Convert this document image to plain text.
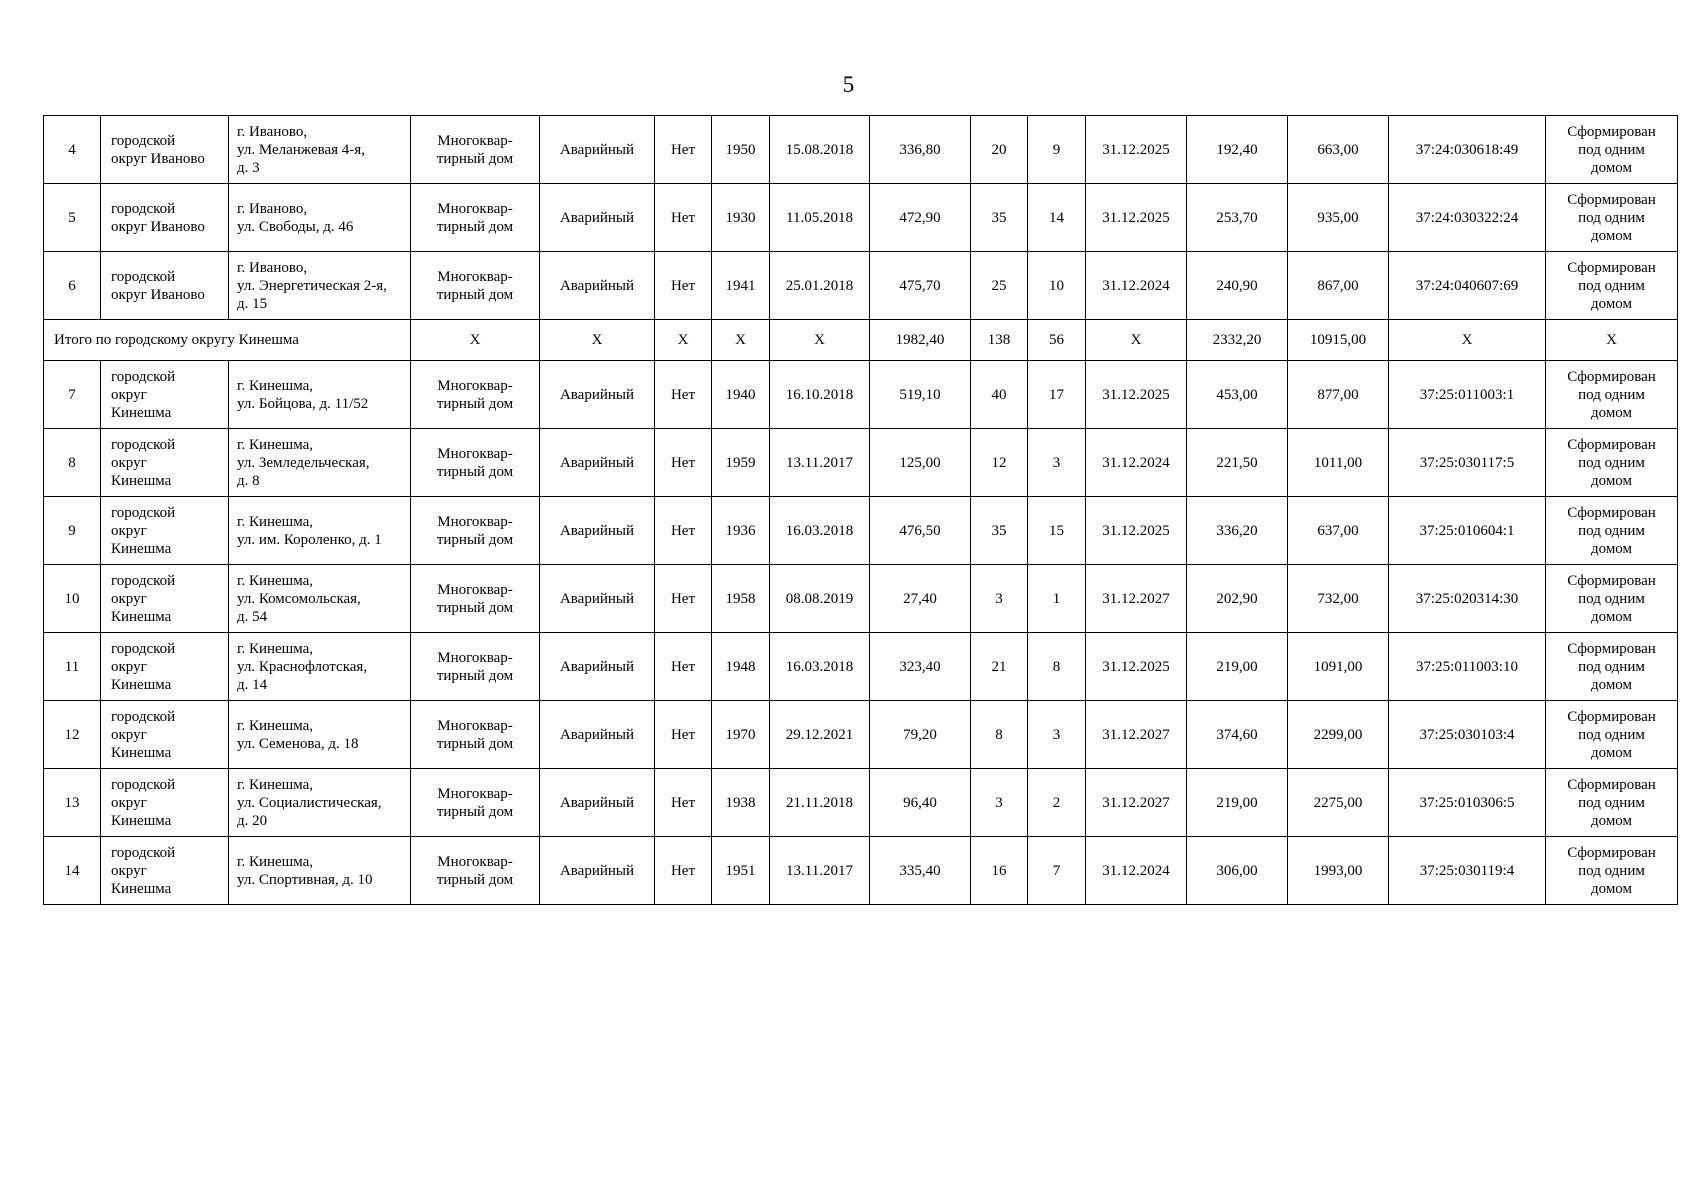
5
4	городской
округ Иваново	г. Иваново,
ул. Меланжевая 4-я,
д. 3	Многоквар-
тирный дом	Аварийный	Нет	1950	15.08.2018	336,80	20	9	31.12.2025	192,40	663,00	37:24:030618:49	Сформирован
под одним
домом

5	городской
округ Иваново	г. Иваново,
ул. Свободы, д. 46	Многоквар-
тирный дом	Аварийный	Нет	1930	11.05.2018	472,90	35	14	31.12.2025	253,70	935,00	37:24:030322:24	Сформирован
под одним
домом

6	городской
округ Иваново	г. Иваново,
ул. Энергетическая 2-я,
д. 15	Многоквар-
тирный дом	Аварийный	Нет	1941	25.01.2018	475,70	25	10	31.12.2024	240,90	867,00	37:24:040607:69	Сформирован
под одним
домом

Итого по городскому округу Кинешма			Х	Х	Х	Х	Х	1982,40	138	56	Х	2332,20	10915,00	Х	Х
7	городской
округ
Кинешма	г. Кинешма,
ул. Бойцова, д. 11/52	Многоквар-
тирный дом	Аварийный	Нет	1940	16.10.2018	519,10	40	17	31.12.2025	453,00	877,00	37:25:011003:1	Сформирован
под одним
домом

8	городской
округ
Кинешма	г. Кинешма,
ул. Земледельческая,
д. 8	Многоквар-
тирный дом	Аварийный	Нет	1959	13.11.2017	125,00	12	3	31.12.2024	221,50	1011,00	37:25:030117:5	Сформирован
под одним
домом

9	городской
округ
Кинешма	г. Кинешма,
ул. им. Короленко, д. 1	Многоквар-
тирный дом	Аварийный	Нет	1936	16.03.2018	476,50	35	15	31.12.2025	336,20	637,00	37:25:010604:1	Сформирован
под одним
домом

10	городской
округ
Кинешма	г. Кинешма,
ул. Комсомольская,
д. 54	Многоквар-
тирный дом	Аварийный	Нет	1958	08.08.2019	27,40	3	1	31.12.2027	202,90	732,00	37:25:020314:30	Сформирован
под одним
домом

11	городской
округ
Кинешма	г. Кинешма,
ул. Краснофлотская,
д. 14	Многоквар-
тирный дом	Аварийный	Нет	1948	16.03.2018	323,40	21	8	31.12.2025	219,00	1091,00	37:25:011003:10	Сформирован
под одним
домом

12	городской
округ
Кинешма	г. Кинешма,
ул. Семенова, д. 18	Многоквар-
тирный дом	Аварийный	Нет	1970	29.12.2021	79,20	8	3	31.12.2027	374,60	2299,00	37:25:030103:4	Сформирован
под одним
домом

13	городской
округ
Кинешма	г. Кинешма,
ул. Социалистическая,
д. 20	Многоквар-
тирный дом	Аварийный	Нет	1938	21.11.2018	96,40	3	2	31.12.2027	219,00	2275,00	37:25:010306:5	Сформирован
под одним
домом

14	городской
округ
Кинешма	г. Кинешма,
ул. Спортивная, д. 10	Многоквар-
тирный дом	Аварийный	Нет	1951	13.11.2017	335,40	16	7	31.12.2024	306,00	1993,00	37:25:030119:4	Сформирован
под одним
домом
